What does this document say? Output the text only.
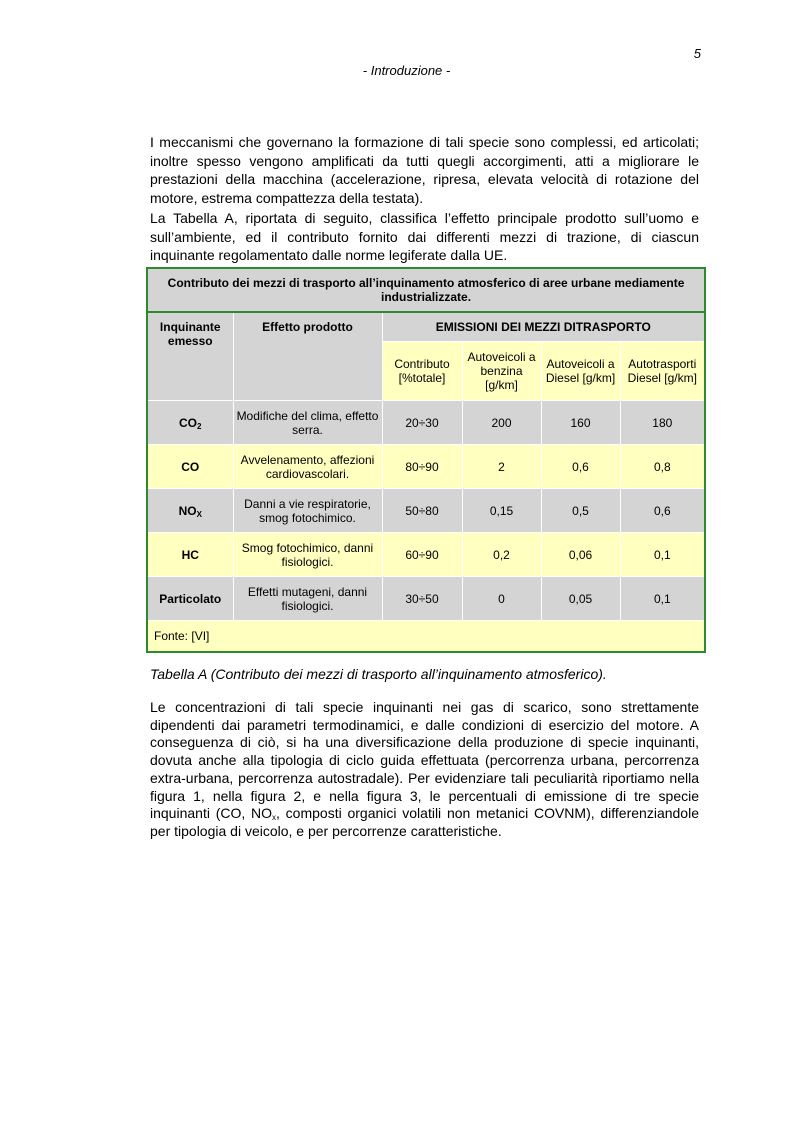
5
- Introduzione -

I meccanismi che governano la formazione di tali specie sono complessi, ed articolati; inoltre spesso vengono amplificati da tutti quegli accorgimenti, atti a migliorare le prestazioni della macchina (accelerazione, ripresa, elevata velocità di rotazione del motore, estrema compattezza della testata).

La Tabella A, riportata di seguito, classifica l’effetto principale prodotto sull’uomo e sull’ambiente, ed il contributo fornito dai differenti mezzi di trazione, di ciascun inquinante regolamentato dalle norme legiferate dalla UE.

Contributo dei mezzi di trasporto all’inquinamento atmosferico di aree urbane mediamente industrializzate.					
Inquinante emesso	Effetto prodotto	EMISSIONI DEI MEZZI DITRASPORTO			
		Contributo [%totale]	Autoveicoli a benzina [g/km]	Autoveicoli a Diesel [g/km]	Autotrasporti Diesel [g/km]
$CO_2$	Modifiche del clima, effetto serra.	20÷30	200	160	180
CO	Avvelenamento, affezioni cardiovascolari.	80÷90	2	0,6	0,8
$NO_X$	Danni a vie respiratorie, smog fotochimico.	50÷80	0,15	0,5	0,6
HC	Smog fotochimico, danni fisiologici.	60÷90	0,2	0,06	0,1
Particolato	Effetti mutageni, danni fisiologici.	30÷50	0	0,05	0,1
Fonte: [VI]					
Tabella A (Contributo dei mezzi di trasporto all’inquinamento atmosferico).

Le concentrazioni di tali specie inquinanti nei gas di scarico, sono strettamente dipendenti dai parametri termodinamici, e dalle condizioni di esercizio del motore. A conseguenza di ciò, si ha una diversificazione della produzione di specie inquinanti, dovuta anche alla tipologia di ciclo guida effettuata (percorrenza urbana, percorrenza extra-urbana, percorrenza autostradale). Per evidenziare tali peculiarità riportiamo nella figura 1, nella figura 2, e nella figura 3, le percentuali di emissione di tre specie inquinanti (CO, $NO_x$, composti organici volatili non metanici COVNM), differenziandole per tipologia di veicolo, e per percorrenze caratteristiche.
